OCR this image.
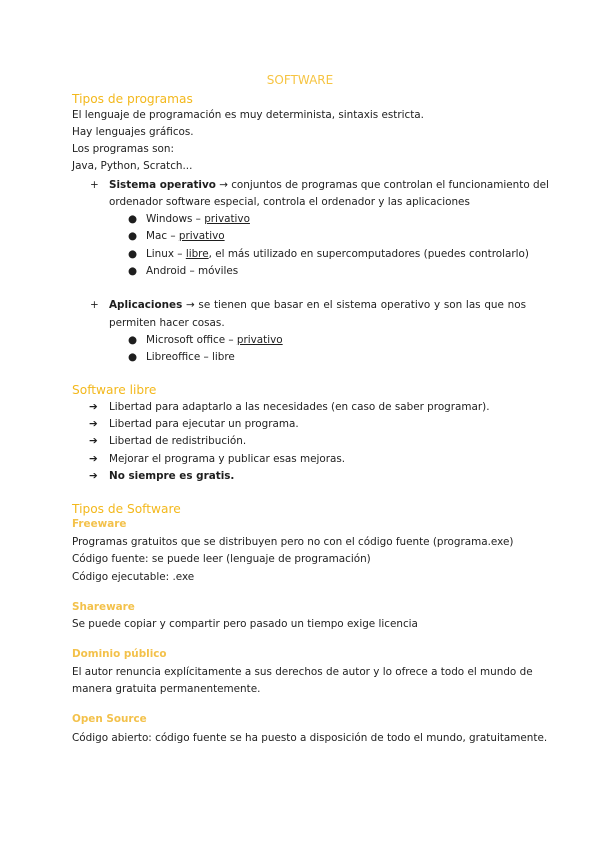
SOFTWARE
Tipos de programas
El lenguaje de programación es muy determinista, sintaxis estricta.
Hay lenguajes gráficos.
Los programas son:
Java, Python, Scratch...
+ Sistema operativo → conjuntos de programas que controlan el funcionamiento del
ordenador software especial, controla el ordenador y las aplicaciones
● Windows – privativo
● Mac – privativo
● Linux – libre, el más utilizado en supercomputadores (puedes controlarlo)
● Android – móviles
+ Aplicaciones → se tienen que basar en el sistema operativo y son las que nos
permiten hacer cosas.
● Microsoft office – privativo
● Libreoffice – libre
Software libre
➔ Libertad para adaptarlo a las necesidades (en caso de saber programar).
➔ Libertad para ejecutar un programa.
➔ Libertad de redistribución.
➔ Mejorar el programa y publicar esas mejoras.
➔ No siempre es gratis.
Tipos de Software
Freeware
Programas gratuitos que se distribuyen pero no con el código fuente (programa.exe)
Código fuente: se puede leer (lenguaje de programación)
Código ejecutable: .exe
Shareware
Se puede copiar y compartir pero pasado un tiempo exige licencia
Dominio público
El autor renuncia explícitamente a sus derechos de autor y lo ofrece a todo el mundo de
manera gratuita permanentemente.
Open Source
Código abierto: código fuente se ha puesto a disposición de todo el mundo, gratuitamente.
